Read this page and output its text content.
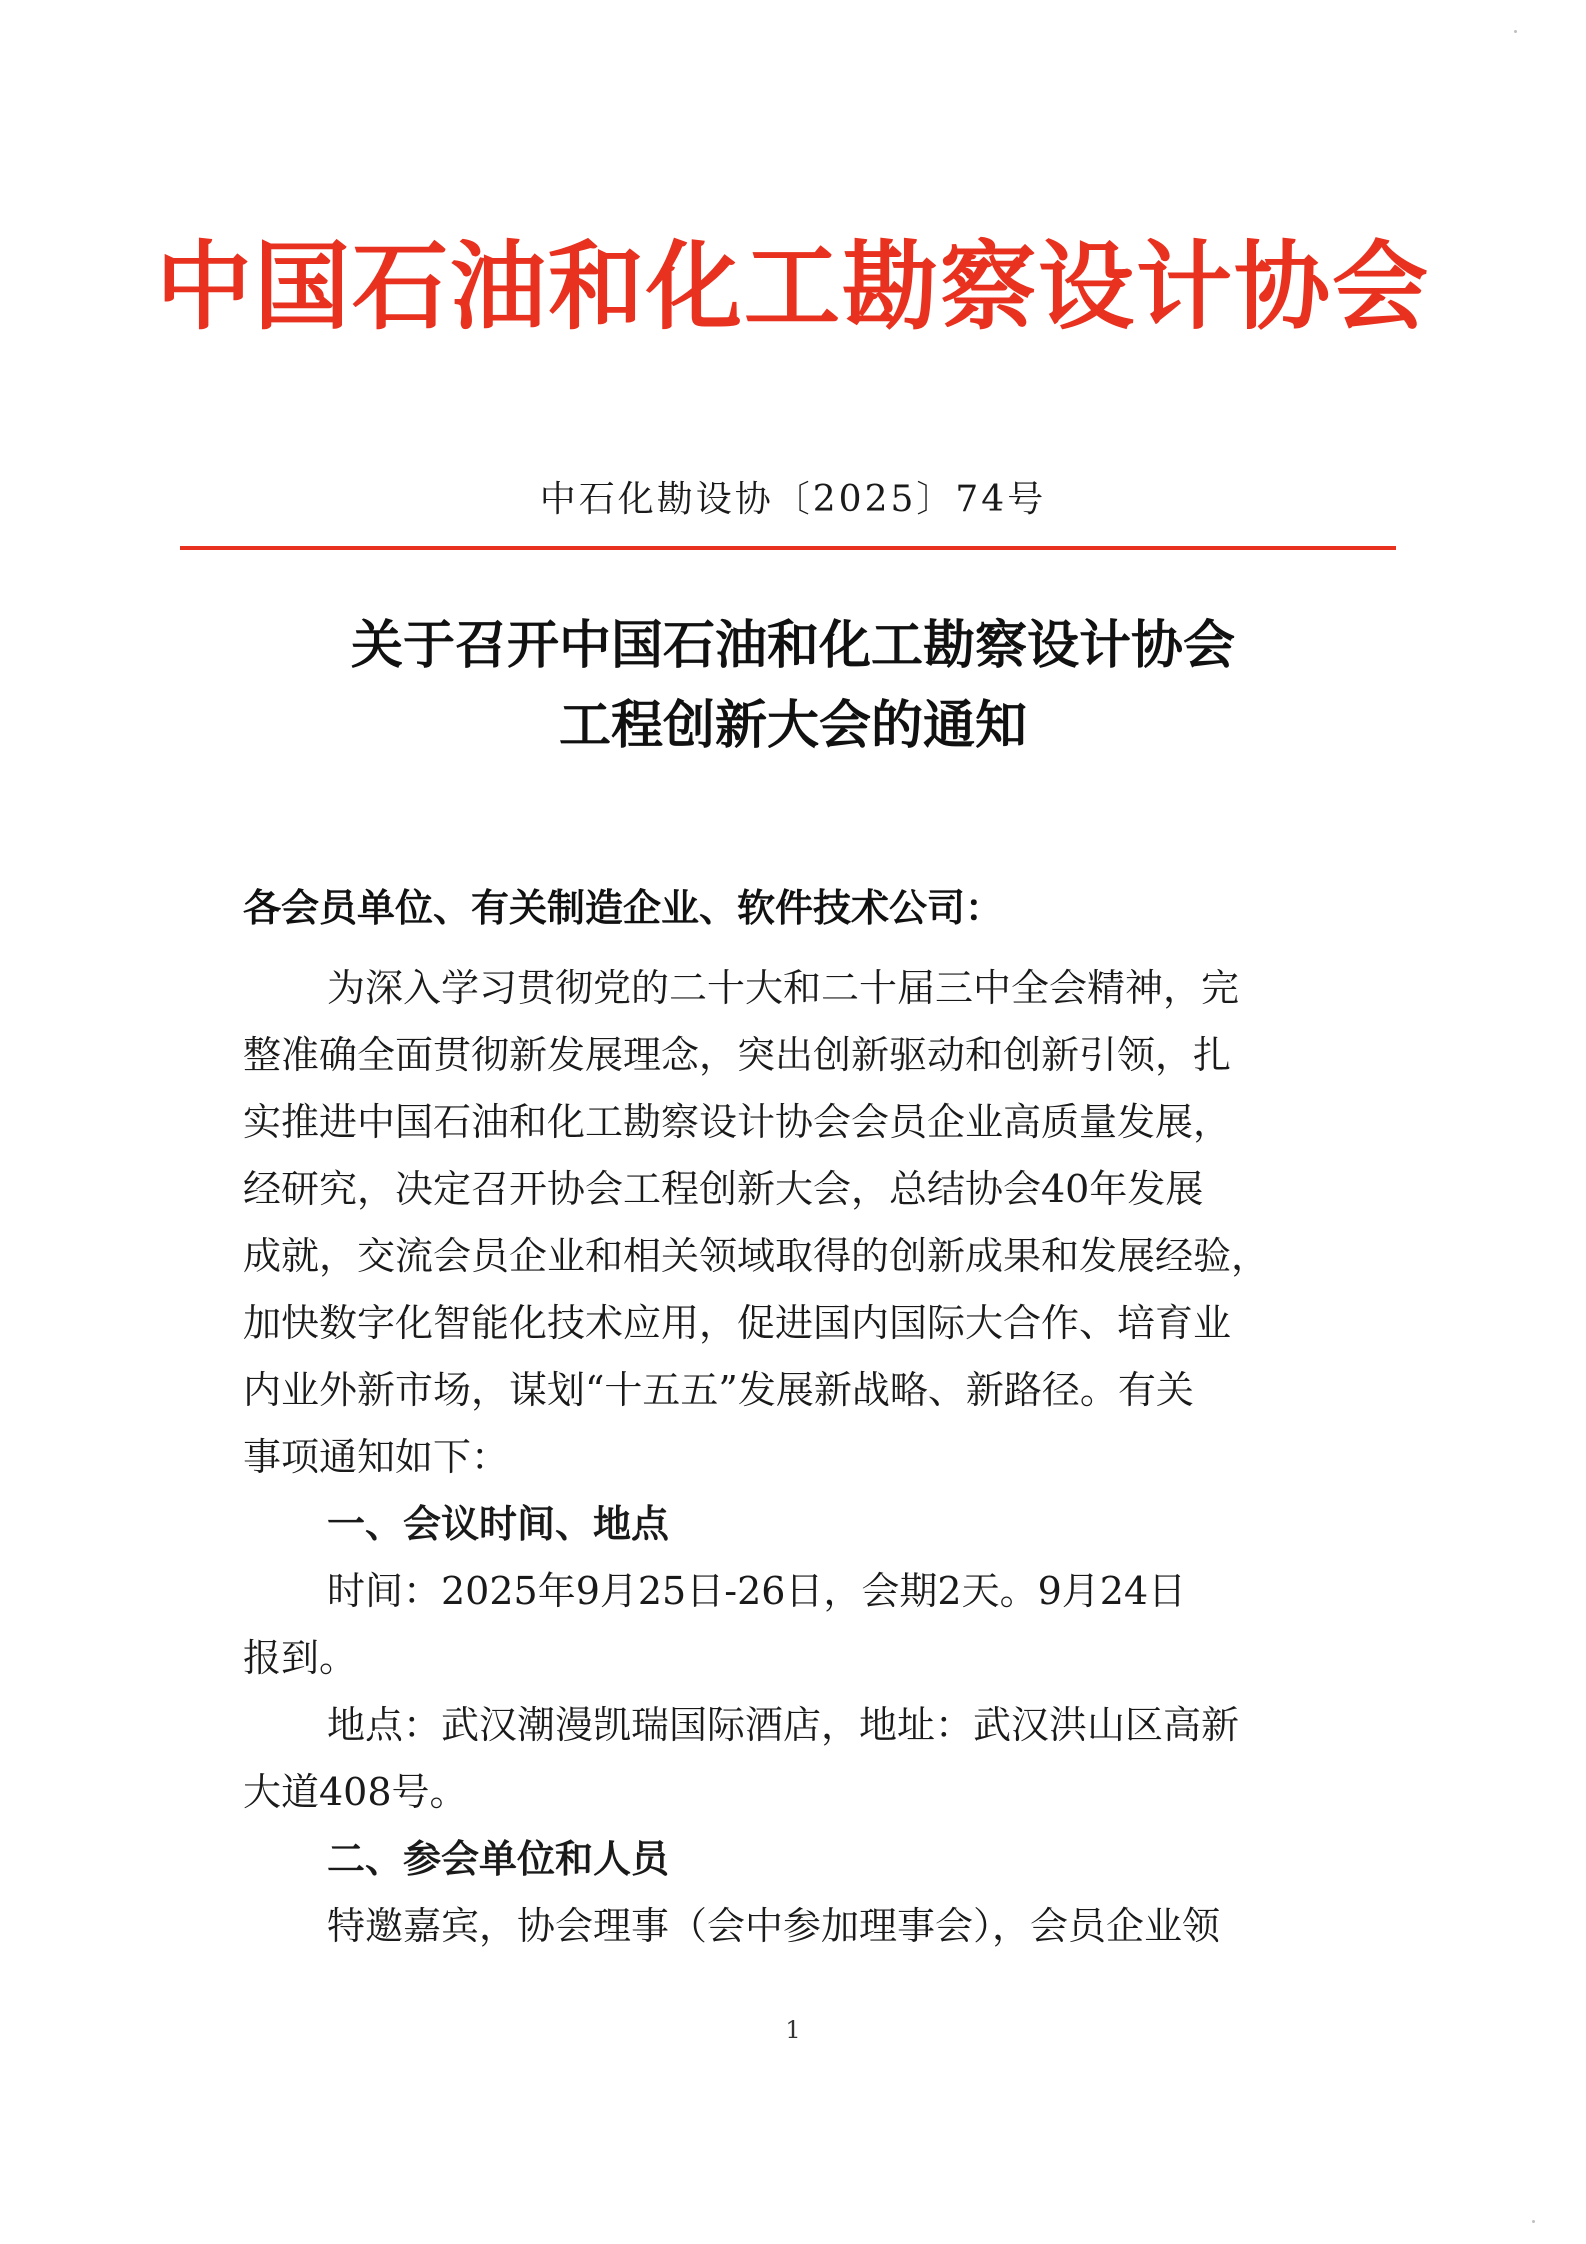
中国石油和化工勘察设计协会
中石化勘设协〔2025〕74号
关于召开中国石油和化工勘察设计协会
工程创新大会的通知
各会员单位、有关制造企业、软件技术公司：
为深入学习贯彻党的二十大和二十届三中全会精神，完
整准确全面贯彻新发展理念，突出创新驱动和创新引领，扎
实推进中国石油和化工勘察设计协会会员企业高质量发展，
经研究，决定召开协会工程创新大会，总结协会40年发展
成就，交流会员企业和相关领域取得的创新成果和发展经验，
加快数字化智能化技术应用，促进国内国际大合作、培育业
内业外新市场，谋划“十五五”发展新战略、新路径。有关
事项通知如下：
一、会议时间、地点
时间：2025年9月25日-26日，会期2天。9月24日
报到。
地点：武汉潮漫凯瑞国际酒店，地址：武汉洪山区高新
大道408号。
二、参会单位和人员
特邀嘉宾，协会理事（会中参加理事会），会员企业领
1
